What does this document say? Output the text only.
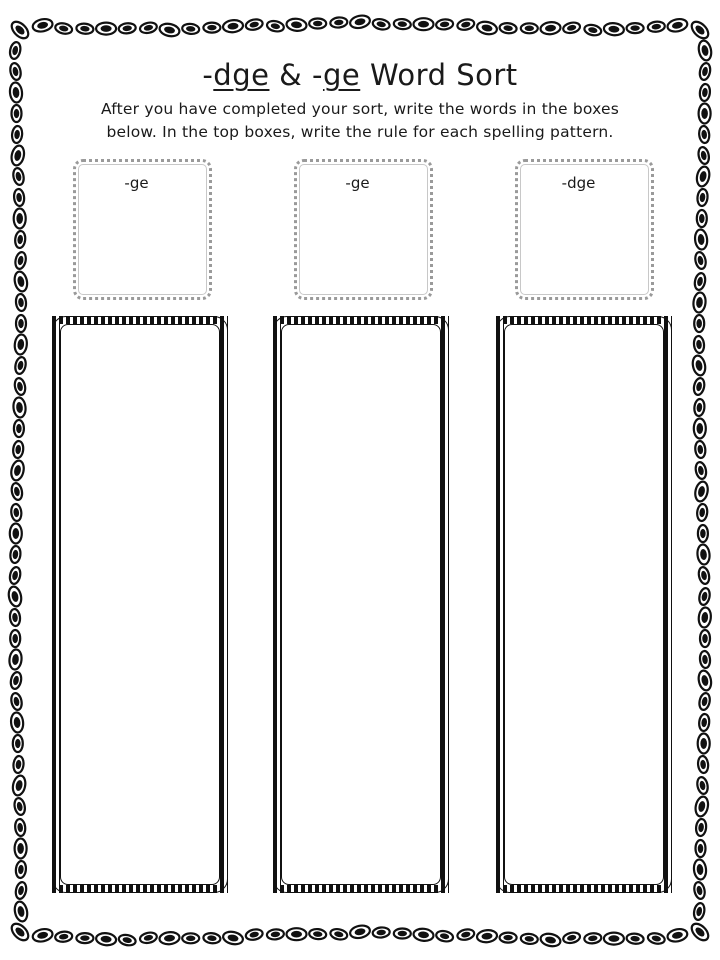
-dge & -ge Word Sort
After you have completed your sort, write the words in the boxes
below. In the top boxes, write the rule for each spelling pattern.
-ge	-ge	-dge
